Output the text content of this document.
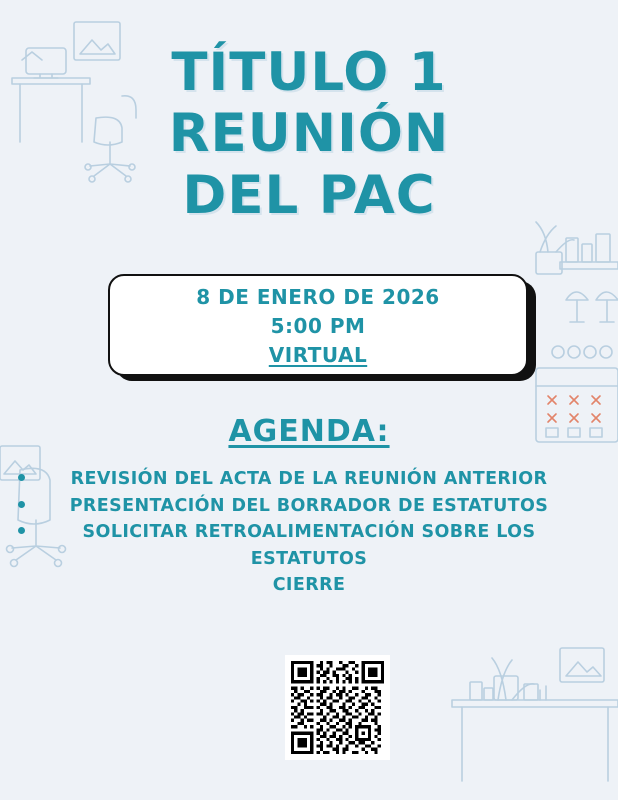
TÍTULO 1
REUNIÓN
DEL PAC
8 DE ENERO DE 2026
5:00 PM
VIRTUAL
AGENDA:
REVISIÓN DEL ACTA DE LA REUNIÓN ANTERIOR
PRESENTACIÓN DEL BORRADOR DE ESTATUTOS
SOLICITAR RETROALIMENTACIÓN SOBRE LOS ESTATUTOS
CIERRE
